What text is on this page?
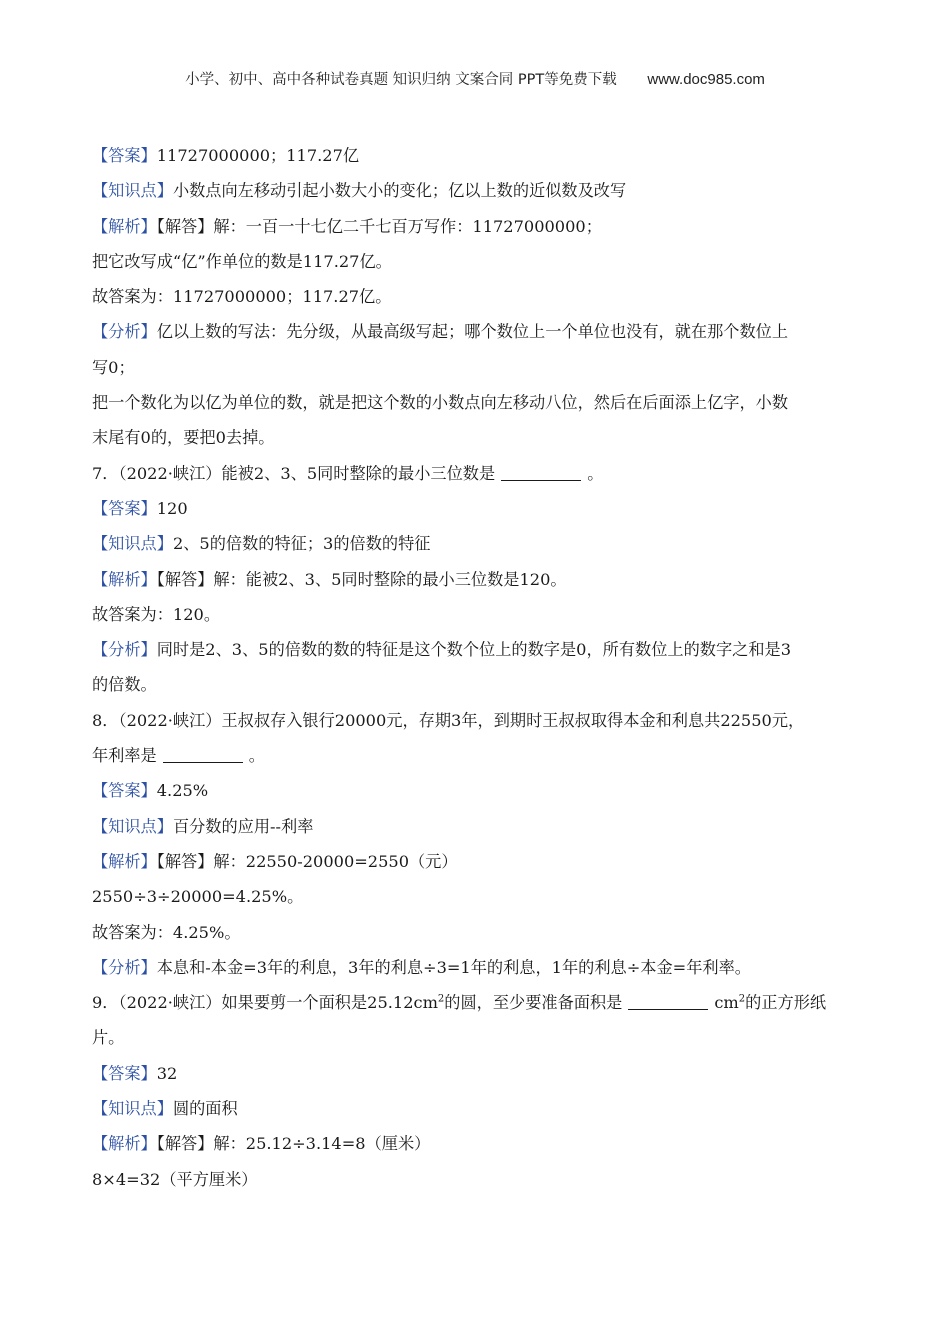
小学、初中、高中各种试卷真题 知识归纳 文案合同 PPT等免费下载 www.doc985.com
【答案】11727000000；117.27亿
【知识点】小数点向左移动引起小数大小的变化；亿以上数的近似数及改写
【解析】【解答】解：一百一十七亿二千七百万写作：11727000000；
把它改写成“亿”作单位的数是117.27亿。
故答案为：11727000000；117.27亿。
【分析】亿以上数的写法：先分级，从最高级写起；哪个数位上一个单位也没有，就在那个数位上
写0；
把一个数化为以亿为单位的数，就是把这个数的小数点向左移动八位，然后在后面添上亿字，小数
末尾有0的，要把0去掉。
7．（2022·峡江）能被2、3、5同时整除的最小三位数是	。
【答案】120
【知识点】2、5的倍数的特征；3的倍数的特征
【解析】【解答】解：能被2、3、5同时整除的最小三位数是120。
故答案为：120。
【分析】同时是2、3、5的倍数的数的特征是这个数个位上的数字是0，所有数位上的数字之和是3
的倍数。
8．（2022·峡江）王叔叔存入银行20000元，存期3年，到期时王叔叔取得本金和利息共22550元，
年利率是	。
【答案】4.25%
【知识点】百分数的应用--利率
【解析】【解答】解：22550-20000=2550（元）
2550÷3÷20000=4.25%。
故答案为：4.25%。
【分析】本息和-本金=3年的利息，3年的利息÷3=1年的利息，1年的利息÷本金=年利率。
9．（2022·峡江）如果要剪一个面积是$25.12cm^2$的圆，至少要准备面积是	$cm^2$的正方形纸
片。
【答案】32
【知识点】圆的面积
【解析】【解答】解：25.12÷3.14=8（厘米）
8×4=32（平方厘米）
